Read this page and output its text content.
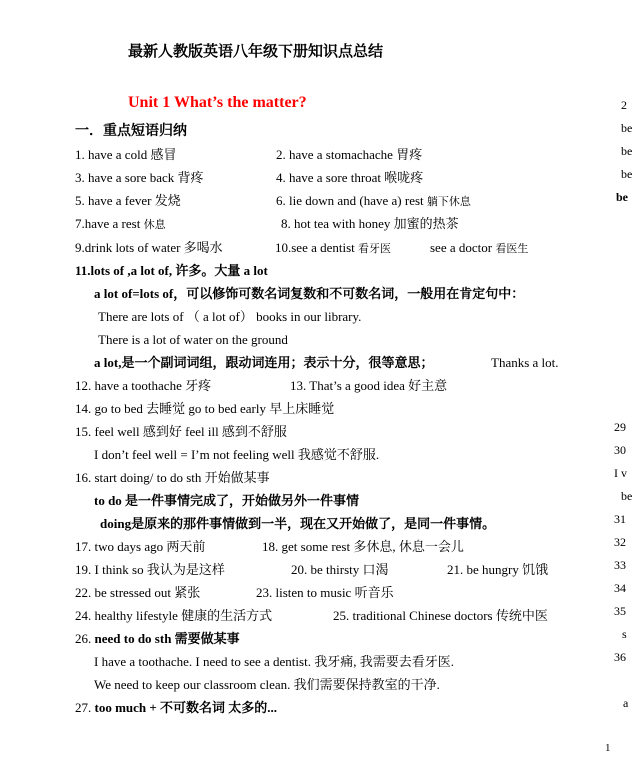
最新人教版英语八年级下册知识点总结
Unit 1 What’s the matter?
一．重点短语归纳
1. have a cold 感冒	2. have a stomachache 胃疼
3. have a sore back 背疼	4. have a sore throat 喉咙疼
5. have a fever 发烧	6. lie down and (have a) rest 躺下休息
7.have a rest 休息	8. hot tea with honey 加蜜的热茶
9.drink lots of water 多喝水	10.see a dentist 看牙医	see a doctor 看医生
11.lots of ,a lot of, 许多。大量 a lot
a lot of=lots of，可以修饰可数名词复数和不可数名词，一般用在肯定句中：
There are lots of （ a lot of） books in our library.
There is a lot of water on the ground
a lot,是一个副词词组，跟动词连用；表示十分，很等意思；	Thanks a lot.
12. have a toothache 牙疼	13. That’s a good idea 好主意
14. go to bed 去睡觉 go to bed early 早上床睡觉
15. feel well 感到好 feel ill 感到不舒服
I don’t feel well = I’m not feeling well 我感觉不舒服.
16. start doing/ to do sth 开始做某事
to do 是一件事情完成了，开始做另外一件事情
doing是原来的那件事情做到一半，现在又开始做了，是同一件事情。
17. two days ago 两天前	18. get some rest 多休息, 休息一会儿
19. I think so 我认为是这样	20. be thirsty 口渴	21. be hungry 饥饿
22. be stressed out 紧张	23. listen to music 听音乐
24. healthy lifestyle 健康的生活方式	25. traditional Chinese doctors 传统中医
26. need to do sth 需要做某事
I have a toothache. I need to see a dentist. 我牙痛, 我需要去看牙医.
We need to keep our classroom clean. 我们需要保持教室的干净.
27. too much + 不可数名词 太多的...
2
be
be
be
be
29
30
I v
be
31
32
33
34
35
s
36
a
1
